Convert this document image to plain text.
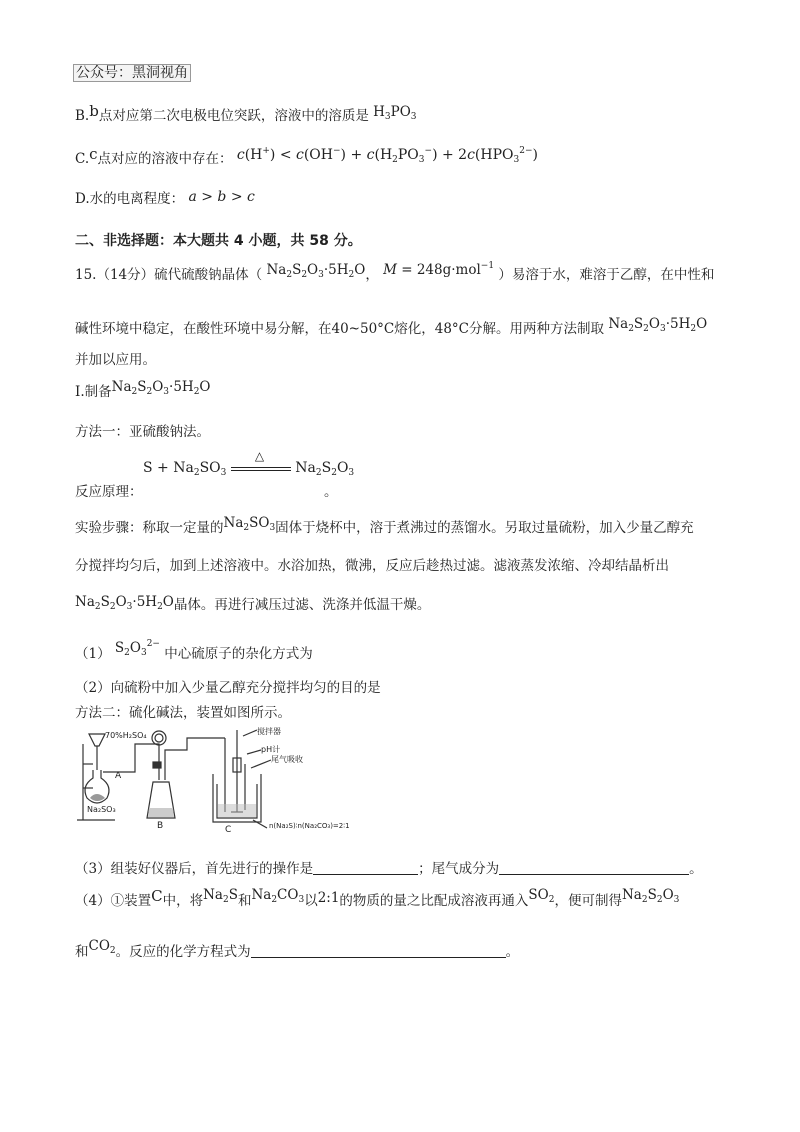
公众号：黑洞视角
B.b点对应第二次电极电位突跃，溶液中的溶质是 $H_3PO_3$
C.c点对应的溶液中存在： $c(H^+) < c(OH^-) + c(H_2PO_3^-) + 2c(HPO_3^{2-})$
D.水的电离程度： a > b > c
二、非选择题：本大题共 4 小题，共 58 分。
15.（14分）硫代硫酸钠晶体（ $Na_2S_2O_3\cdot 5H_2O$， M = 248g·mol$^{-1}$ ）易溶于水，难溶于乙醇，在中性和
碱性环境中稳定，在酸性环境中易分解，在40~50°C熔化，48°C分解。用两种方法制取 $Na_2S_2O_3\cdot 5H_2O$
并加以应用。
I.制备$Na_2S_2O_3\cdot 5H_2O$
方法一：亚硫酸钠法。
$S + Na_2SO_3$
△
$Na_2S_2O_3$
反应原理：	。
实验步骤：称取一定量的$Na_2SO_3$固体于烧杯中，溶于煮沸过的蒸馏水。另取过量硫粉，加入少量乙醇充
分搅拌均匀后，加到上述溶液中。水浴加热，微沸，反应后趁热过滤。滤液蒸发浓缩、冷却结晶析出
$Na_2S_2O_3\cdot 5H_2O$晶体。再进行减压过滤、洗涤并低温干燥。
（1） $S_2O_3^{2-}$ 中心硫原子的杂化方式为
（2）向硫粉中加入少量乙醇充分搅拌均匀的目的是
方法二：硫化碱法，装置如图所示。
70%H₂SO₄
A
Na₂SO₃
B	C
搅拌器
pH计
尾气吸收
n(Na₂S)∶n(Na₂CO₃)=2∶1
（3）组装好仪器后，首先进行的操作是	；尾气成分为	。
（4）①装置C中，将$Na_2S$和$Na_2CO_3$以2:1的物质的量之比配成溶液再通入$SO_2$，便可制得$Na_2S_2O_3$
和$CO_2$。反应的化学方程式为	。
